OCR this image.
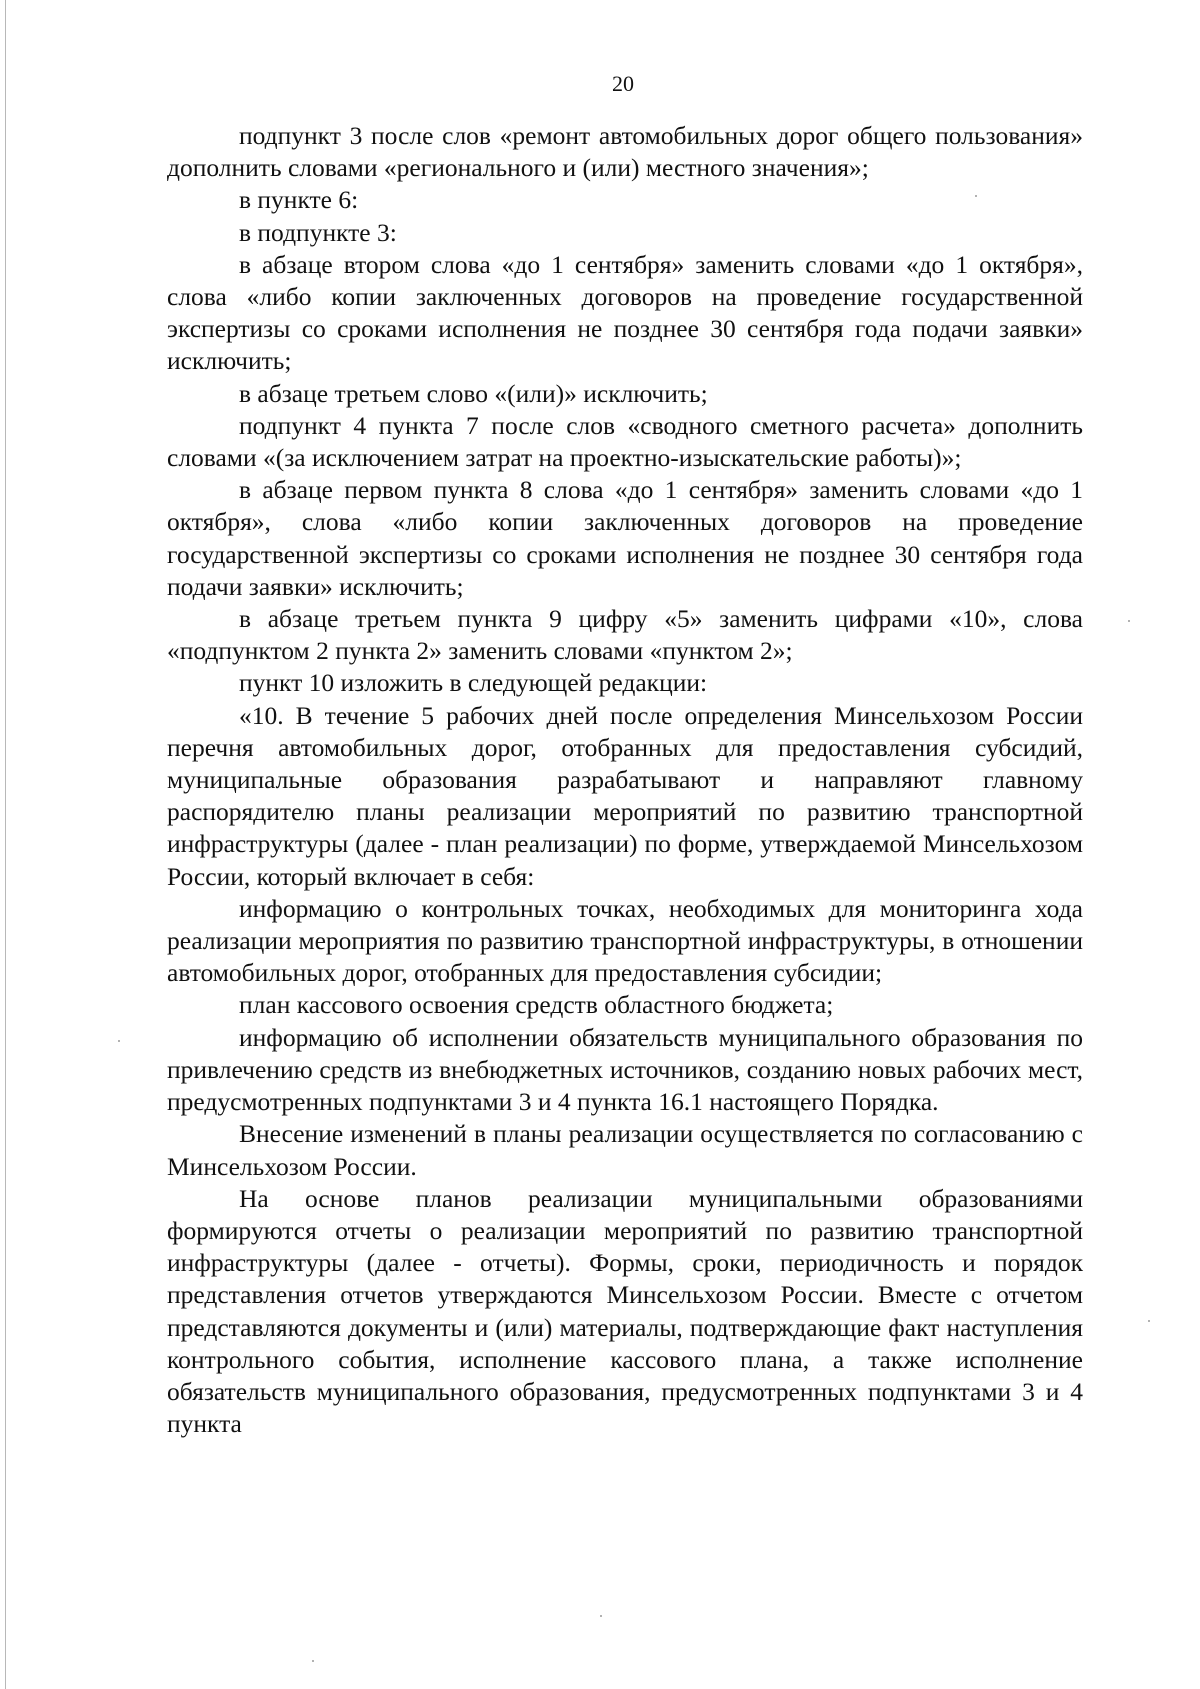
20

подпункт 3 после слов «ремонт автомобильных дорог общего пользования» дополнить словами «регионального и (или) местного значения»;

в пункте 6:

в подпункте 3:

в абзаце втором слова «до 1 сентября» заменить словами «до 1 октября», слова «либо копии заключенных договоров на проведение государственной экспертизы со сроками исполнения не позднее 30 сентября года подачи заявки» исключить;

в абзаце третьем слово «(или)» исключить;

подпункт 4 пункта 7 после слов «сводного сметного расчета» дополнить словами «(за исключением затрат на проектно-изыскательские работы)»;

в абзаце первом пункта 8 слова «до 1 сентября» заменить словами «до 1 октября», слова «либо копии заключенных договоров на проведение государственной экспертизы со сроками исполнения не позднее 30 сентября года подачи заявки» исключить;

в абзаце третьем пункта 9 цифру «5» заменить цифрами «10», слова «подпунктом 2 пункта 2» заменить словами «пунктом 2»;

пункт 10 изложить в следующей редакции:

«10. В течение 5 рабочих дней после определения Минсельхозом России перечня автомобильных дорог, отобранных для предоставления субсидий, муниципальные образования разрабатывают и направляют главному распорядителю планы реализации мероприятий по развитию транспортной инфраструктуры (далее - план реализации) по форме, утверждаемой Минсельхозом России, который включает в себя:

информацию о контрольных точках, необходимых для мониторинга хода реализации мероприятия по развитию транспортной инфраструктуры, в отношении автомобильных дорог, отобранных для предоставления субсидии;

план кассового освоения средств областного бюджета;

информацию об исполнении обязательств муниципального образования по привлечению средств из внебюджетных источников, созданию новых рабочих мест, предусмотренных подпунктами 3 и 4 пункта 16.1 настоящего Порядка.

Внесение изменений в планы реализации осуществляется по согласованию с Минсельхозом России.

На основе планов реализации муниципальными образованиями формируются отчеты о реализации мероприятий по развитию транспортной инфраструктуры (далее - отчеты). Формы, сроки, периодичность и порядок представления отчетов утверждаются Минсельхозом России. Вместе с отчетом представляются документы и (или) материалы, подтверждающие факт наступления контрольного события, исполнение кассового плана, а также исполнение обязательств муниципального образования, предусмотренных подпунктами 3 и 4 пункта
